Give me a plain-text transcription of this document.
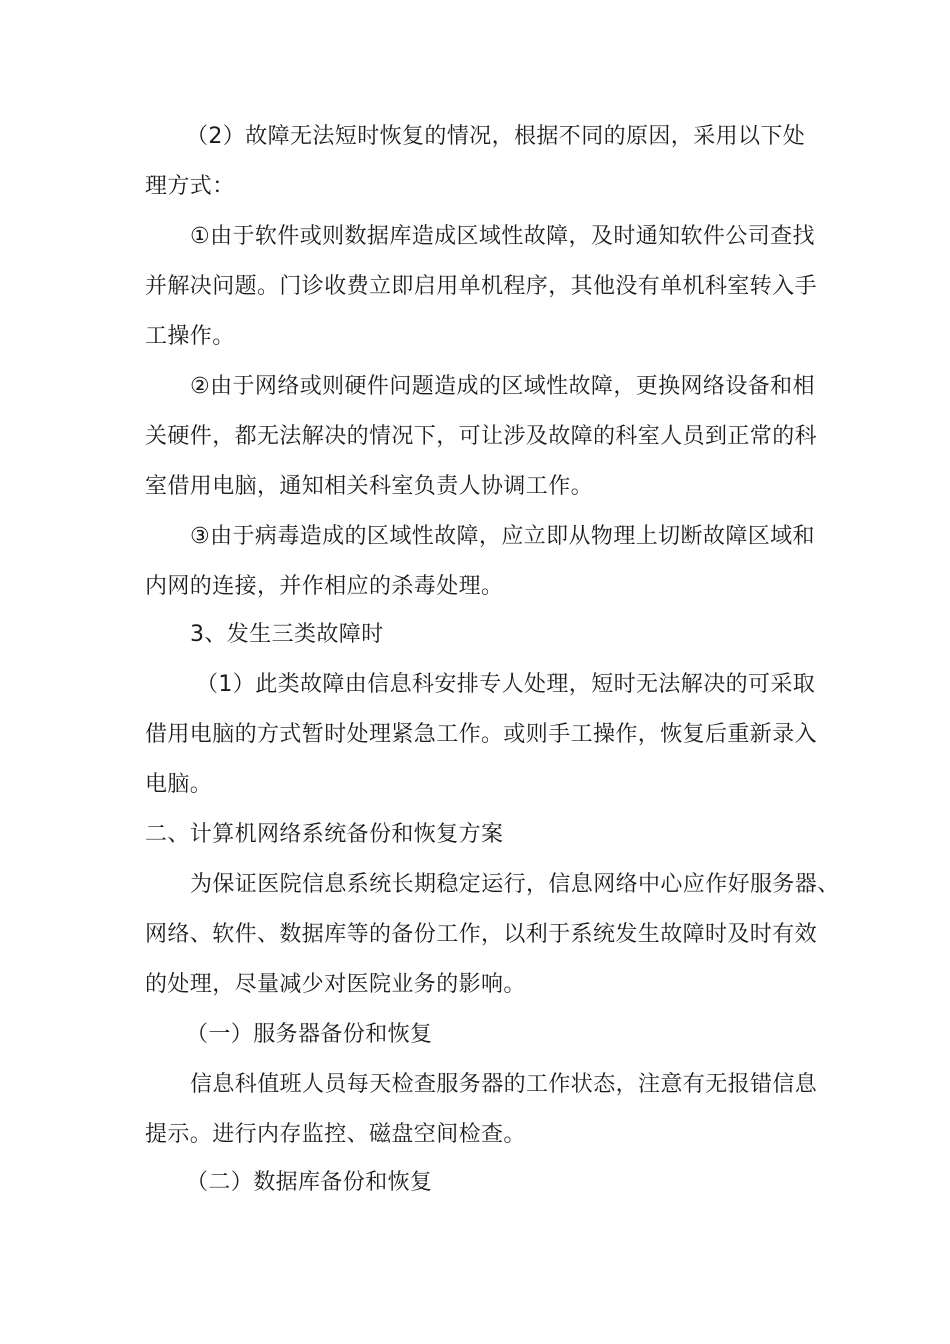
（2）故障无法短时恢复的情况，根据不同的原因，采用以下处
理方式：
①由于软件或则数据库造成区域性故障，及时通知软件公司查找
并解决问题。门诊收费立即启用单机程序，其他没有单机科室转入手
工操作。
②由于网络或则硬件问题造成的区域性故障，更换网络设备和相
关硬件，都无法解决的情况下，可让涉及故障的科室人员到正常的科
室借用电脑，通知相关科室负责人协调工作。
③由于病毒造成的区域性故障，应立即从物理上切断故障区域和
内网的连接，并作相应的杀毒处理。
3、发生三类故障时
（1）此类故障由信息科安排专人处理，短时无法解决的可采取
借用电脑的方式暂时处理紧急工作。或则手工操作，恢复后重新录入
电脑。
二、计算机网络系统备份和恢复方案
为保证医院信息系统长期稳定运行，信息网络中心应作好服务器、
网络、软件、数据库等的备份工作，以利于系统发生故障时及时有效
的处理，尽量减少对医院业务的影响。
（一）服务器备份和恢复
信息科值班人员每天检查服务器的工作状态，注意有无报错信息
提示。进行内存监控、磁盘空间检查。
（二）数据库备份和恢复
